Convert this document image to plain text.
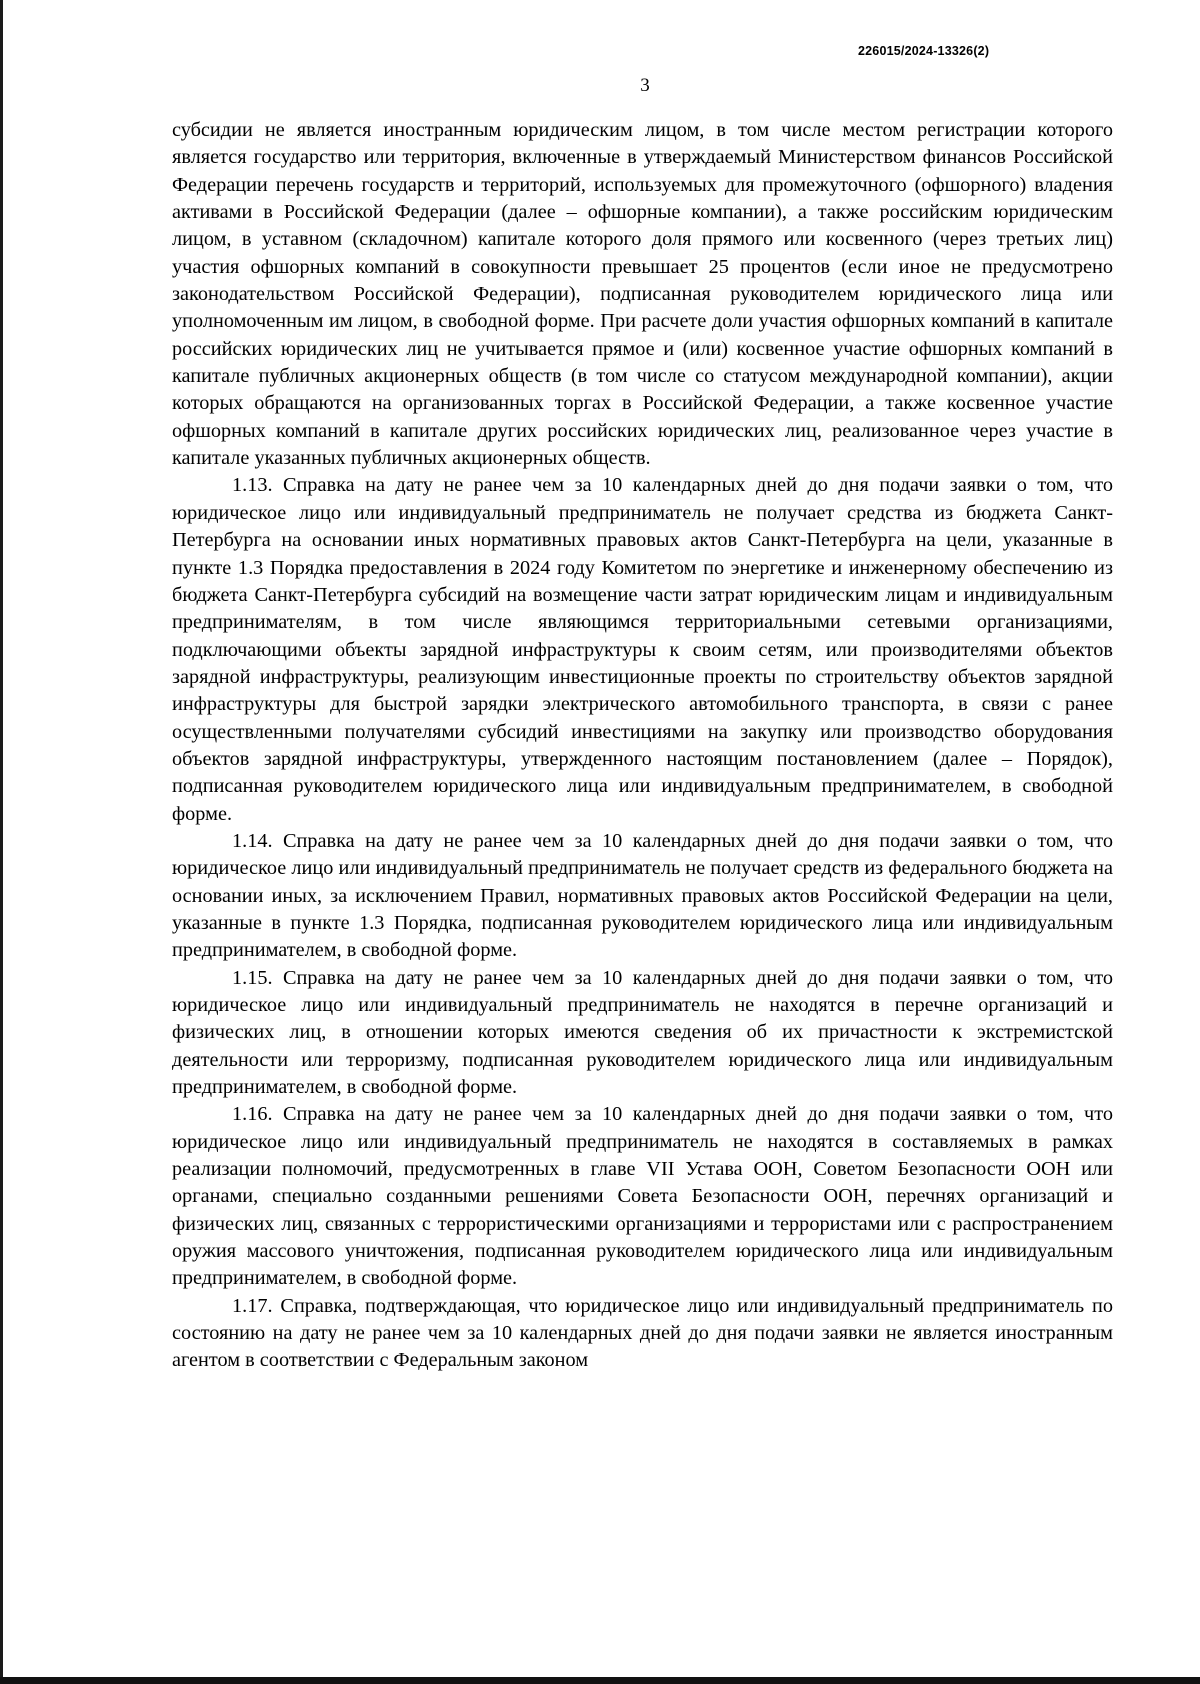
226015/2024-13326(2)
3

субсидии не является иностранным юридическим лицом, в том числе местом регистрации которого является государство или территория, включенные в утверждаемый Министерством финансов Российской Федерации перечень государств и территорий, используемых для промежуточного (офшорного) владения активами в Российской Федерации (далее – офшорные компании), а также российским юридическим лицом, в уставном (складочном) капитале которого доля прямого или косвенного (через третьих лиц) участия офшорных компаний в совокупности превышает 25 процентов (если иное не предусмотрено законодательством Российской Федерации), подписанная руководителем юридического лица или уполномоченным им лицом, в свободной форме. При расчете доли участия офшорных компаний в капитале российских юридических лиц не учитывается прямое и (или) косвенное участие офшорных компаний в капитале публичных акционерных обществ (в том числе со статусом международной компании), акции которых обращаются на организованных торгах в Российской Федерации, а также косвенное участие офшорных компаний в капитале других российских юридических лиц, реализованное через участие в капитале указанных публичных акционерных обществ.

1.13. Справка на дату не ранее чем за 10 календарных дней до дня подачи заявки о том, что юридическое лицо или индивидуальный предприниматель не получает средства из бюджета Санкт-Петербурга на основании иных нормативных правовых актов Санкт-Петербурга на цели, указанные в пункте 1.3 Порядка предоставления в 2024 году Комитетом по энергетике и инженерному обеспечению из бюджета Санкт-Петербурга субсидий на возмещение части затрат юридическим лицам и индивидуальным предпринимателям, в том числе являющимся территориальными сетевыми организациями, подключающими объекты зарядной инфраструктуры к своим сетям, или производителями объектов зарядной инфраструктуры, реализующим инвестиционные проекты по строительству объектов зарядной инфраструктуры для быстрой зарядки электрического автомобильного транспорта, в связи с ранее осуществленными получателями субсидий инвестициями на закупку или производство оборудования объектов зарядной инфраструктуры, утвержденного настоящим постановлением (далее – Порядок), подписанная руководителем юридического лица или индивидуальным предпринимателем, в свободной форме.

1.14. Справка на дату не ранее чем за 10 календарных дней до дня подачи заявки о том, что юридическое лицо или индивидуальный предприниматель не получает средств из федерального бюджета на основании иных, за исключением Правил, нормативных правовых актов Российской Федерации на цели, указанные в пункте 1.3 Порядка, подписанная руководителем юридического лица или индивидуальным предпринимателем, в свободной форме.

1.15. Справка на дату не ранее чем за 10 календарных дней до дня подачи заявки о том, что юридическое лицо или индивидуальный предприниматель не находятся в перечне организаций и физических лиц, в отношении которых имеются сведения об их причастности к экстремистской деятельности или терроризму, подписанная руководителем юридического лица или индивидуальным предпринимателем, в свободной форме.

1.16. Справка на дату не ранее чем за 10 календарных дней до дня подачи заявки о том, что юридическое лицо или индивидуальный предприниматель не находятся в составляемых в рамках реализации полномочий, предусмотренных в главе VII Устава ООН, Советом Безопасности ООН или органами, специально созданными решениями Совета Безопасности ООН, перечнях организаций и физических лиц, связанных с террористическими организациями и террористами или с распространением оружия массового уничтожения, подписанная руководителем юридического лица или индивидуальным предпринимателем, в свободной форме.

1.17. Справка, подтверждающая, что юридическое лицо или индивидуальный предприниматель по состоянию на дату не ранее чем за 10 календарных дней до дня подачи заявки не является иностранным агентом в соответствии с Федеральным законом
